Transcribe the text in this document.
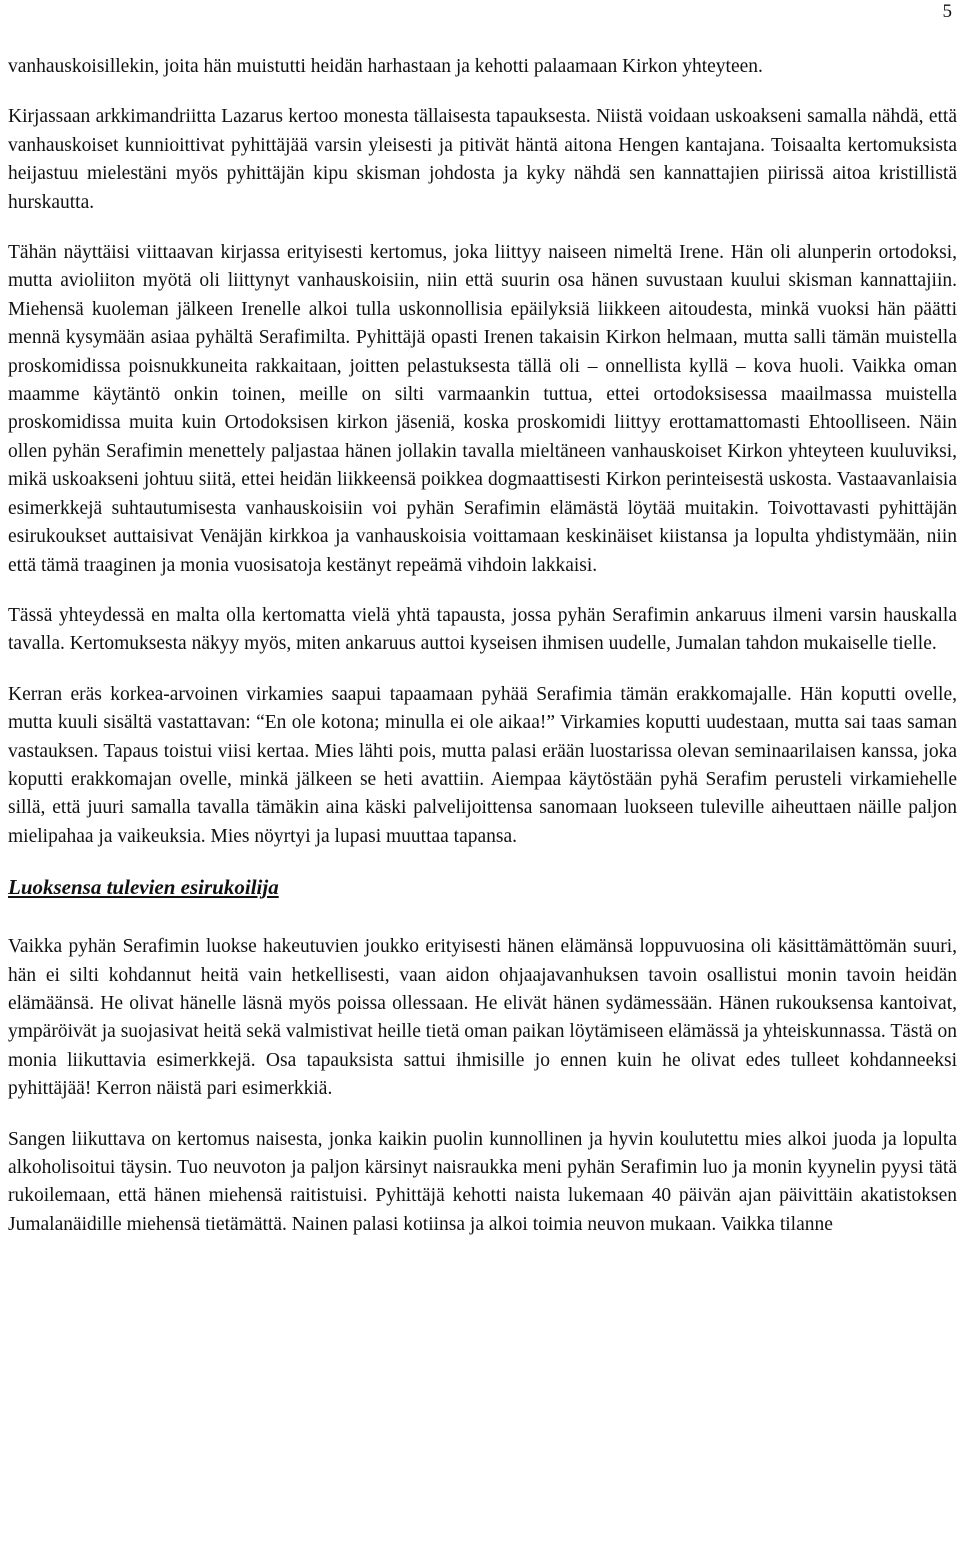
5

vanhauskoisillekin, joita hän muistutti heidän harhastaan ja kehotti palaamaan Kirkon yhteyteen.

Kirjassaan arkkimandriitta Lazarus kertoo monesta tällaisesta tapauksesta. Niistä voidaan uskoakseni samalla nähdä, että vanhauskoiset kunnioittivat pyhittäjää varsin yleisesti ja pitivät häntä aitona Hengen kantajana. Toisaalta kertomuksista heijastuu mielestäni myös pyhittäjän kipu skisman johdosta ja kyky nähdä sen kannattajien piirissä aitoa kristillistä hurskautta.

Tähän näyttäisi viittaavan kirjassa erityisesti kertomus, joka liittyy naiseen nimeltä Irene. Hän oli alunperin ortodoksi, mutta avioliiton myötä oli liittynyt vanhauskoisiin, niin että suurin osa hänen suvustaan kuului skisman kannattajiin. Miehensä kuoleman jälkeen Irenelle alkoi tulla uskonnollisia epäilyksiä liikkeen aitoudesta, minkä vuoksi hän päätti mennä kysymään asiaa pyhältä Serafimilta. Pyhittäjä opasti Irenen takaisin Kirkon helmaan, mutta salli tämän muistella proskomidissa poisnukkuneita rakkaitaan, joitten pelastuksesta tällä oli – onnellista kyllä – kova huoli. Vaikka oman maamme käytäntö onkin toinen, meille on silti varmaankin tuttua, ettei ortodoksisessa maailmassa muistella proskomidissa muita kuin Ortodoksisen kirkon jäseniä, koska proskomidi liittyy erottamattomasti Ehtoolliseen. Näin ollen pyhän Serafimin menettely paljastaa hänen jollakin tavalla mieltäneen vanhauskoiset Kirkon yhteyteen kuuluviksi, mikä uskoakseni johtuu siitä, ettei heidän liikkeensä poikkea dogmaattisesti Kirkon perinteisestä uskosta. Vastaavanlaisia esimerkkejä suhtautumisesta vanhauskoisiin voi pyhän Serafimin elämästä löytää muitakin. Toivottavasti pyhittäjän esirukoukset auttaisivat Venäjän kirkkoa ja vanhauskoisia voittamaan keskinäiset kiistansa ja lopulta yhdistymään, niin että tämä traaginen ja monia vuosisatoja kestänyt repeämä vihdoin lakkaisi.

Tässä yhteydessä en malta olla kertomatta vielä yhtä tapausta, jossa pyhän Serafimin ankaruus ilmeni varsin hauskalla tavalla. Kertomuksesta näkyy myös, miten ankaruus auttoi kyseisen ihmisen uudelle, Jumalan tahdon mukaiselle tielle.

Kerran eräs korkea-arvoinen virkamies saapui tapaamaan pyhää Serafimia tämän erakkomajalle. Hän koputti ovelle, mutta kuuli sisältä vastattavan: “En ole kotona; minulla ei ole aikaa!” Virkamies koputti uudestaan, mutta sai taas saman vastauksen. Tapaus toistui viisi kertaa. Mies lähti pois, mutta palasi erään luostarissa olevan seminaarilaisen kanssa, joka koputti erakkomajan ovelle, minkä jälkeen se heti avattiin. Aiempaa käytöstään pyhä Serafim perusteli virkamiehelle sillä, että juuri samalla tavalla tämäkin aina käski palvelijoittensa sanomaan luokseen tuleville aiheuttaen näille paljon mielipahaa ja vaikeuksia. Mies nöyrtyi ja lupasi muuttaa tapansa.

Luoksensa tulevien esirukoilija

Vaikka pyhän Serafimin luokse hakeutuvien joukko erityisesti hänen elämänsä loppuvuosina oli käsittämättömän suuri, hän ei silti kohdannut heitä vain hetkellisesti, vaan aidon ohjaajavanhuksen tavoin osallistui monin tavoin heidän elämäänsä. He olivat hänelle läsnä myös poissa ollessaan. He elivät hänen sydämessään. Hänen rukouksensa kantoivat, ympäröivät ja suojasivat heitä sekä valmistivat heille tietä oman paikan löytämiseen elämässä ja yhteiskunnassa. Tästä on monia liikuttavia esimerkkejä. Osa tapauksista sattui ihmisille jo ennen kuin he olivat edes tulleet kohdanneeksi pyhittäjää! Kerron näistä pari esimerkkiä.

Sangen liikuttava on kertomus naisesta, jonka kaikin puolin kunnollinen ja hyvin koulutettu mies alkoi juoda ja lopulta alkoholisoitui täysin. Tuo neuvoton ja paljon kärsinyt naisraukka meni pyhän Serafimin luo ja monin kyynelin pyysi tätä rukoilemaan, että hänen miehensä raitistuisi. Pyhittäjä kehotti naista lukemaan 40 päivän ajan päivittäin akatistoksen Jumalanäidille miehensä tietämättä. Nainen palasi kotiinsa ja alkoi toimia neuvon mukaan. Vaikka tilanne
